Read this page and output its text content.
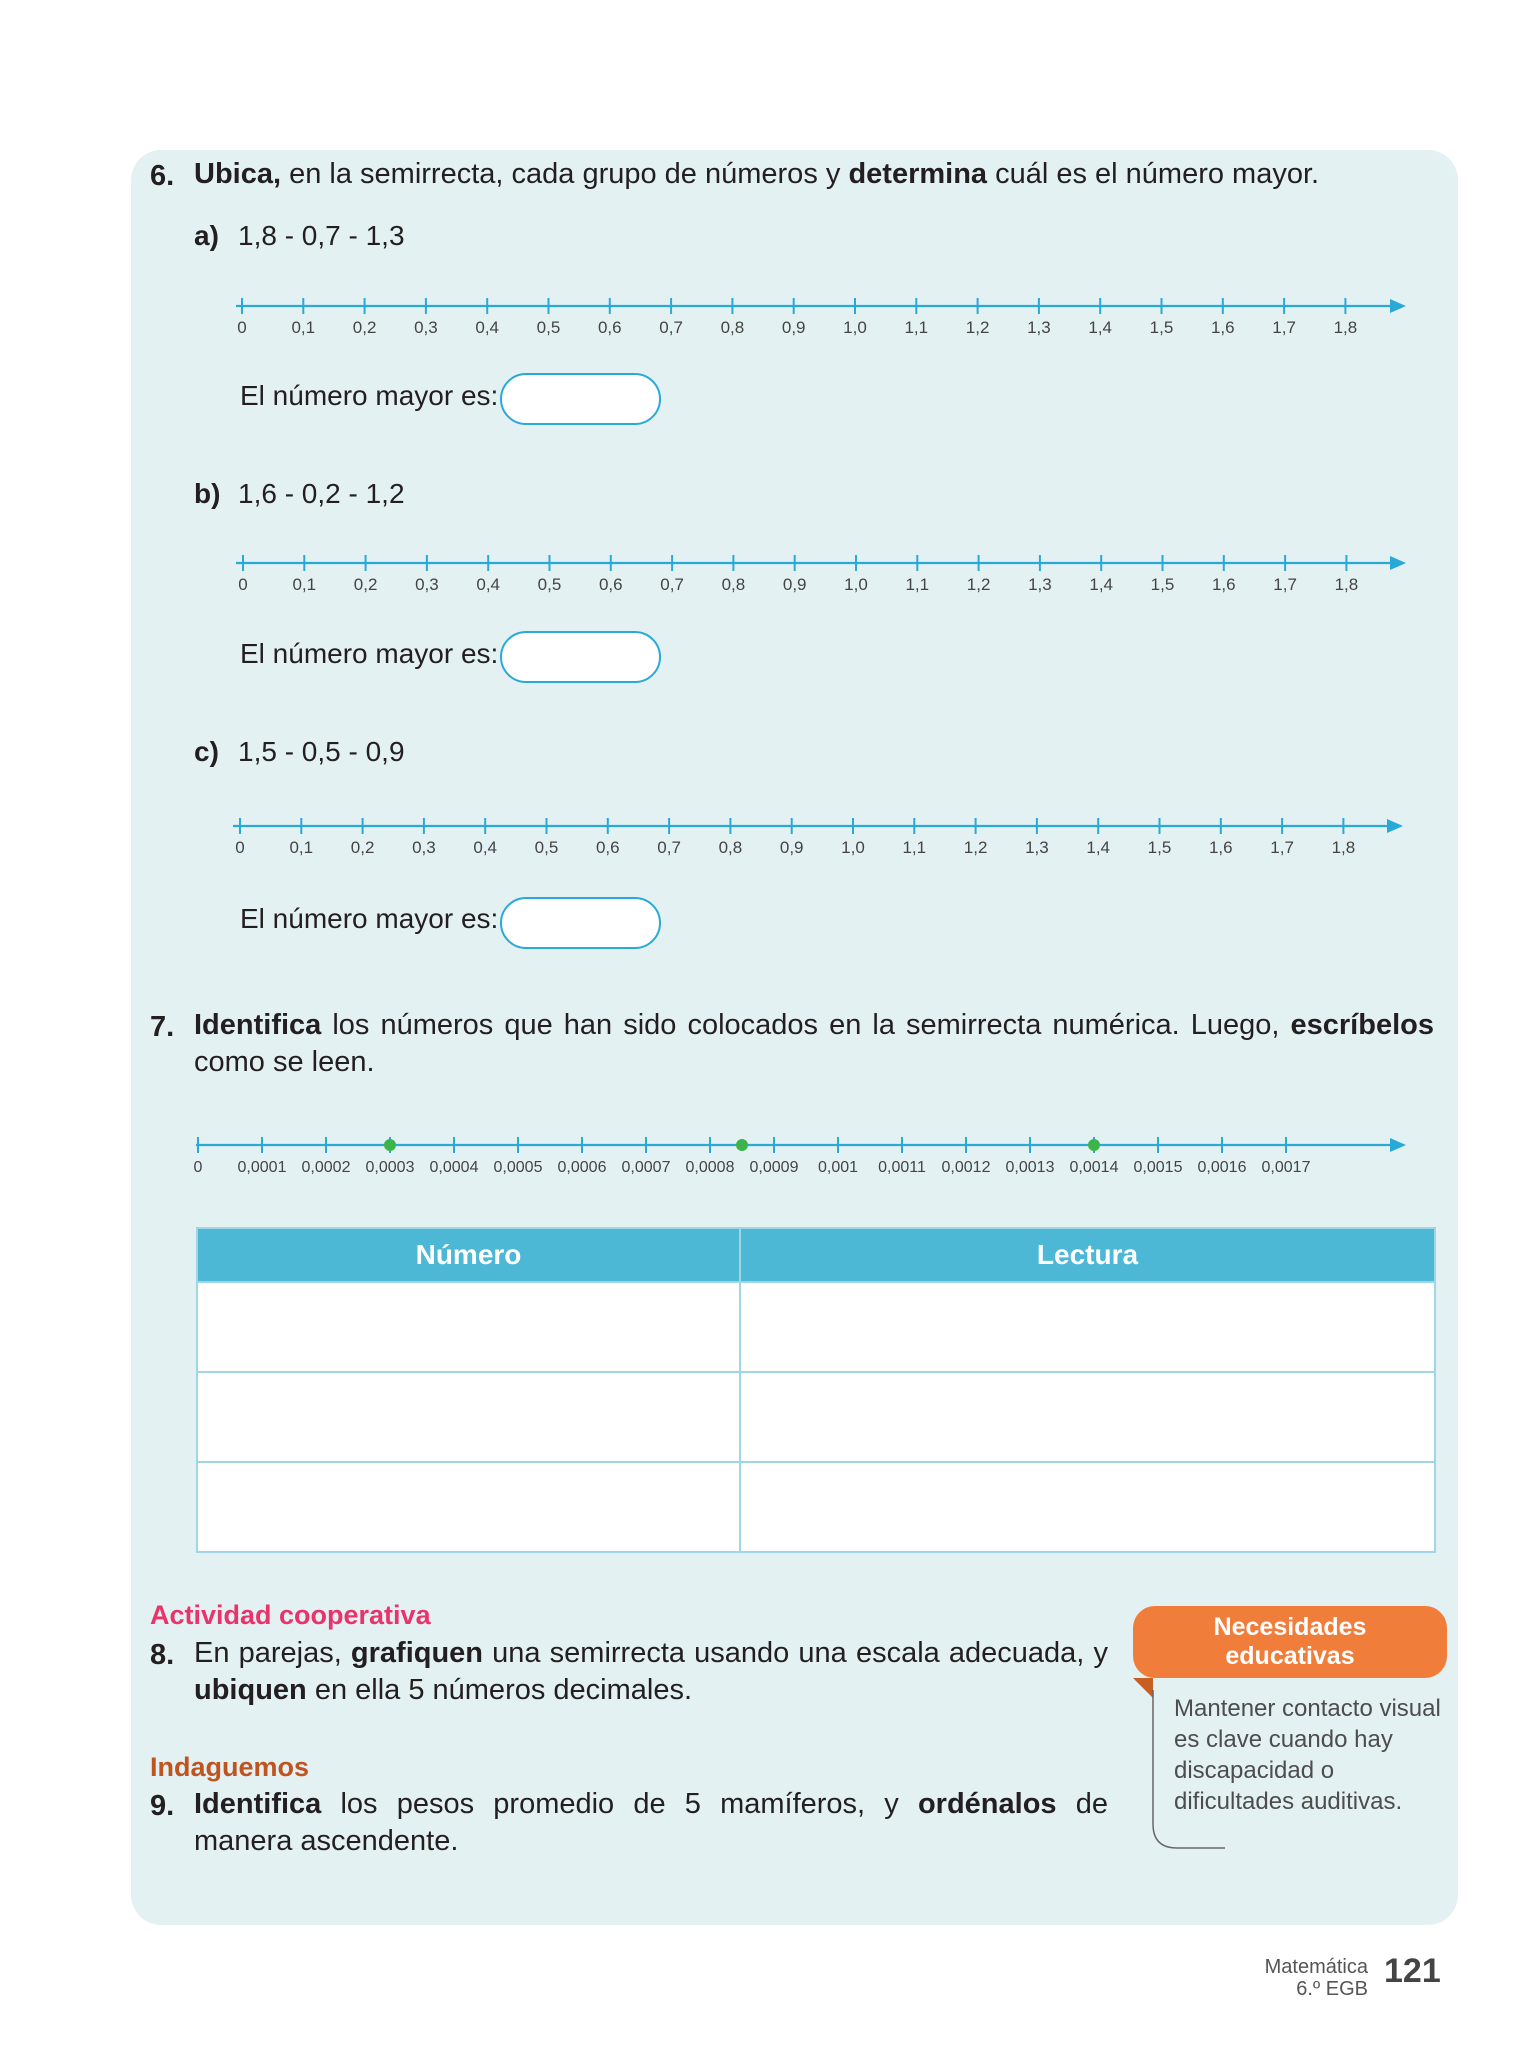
6. Ubica, en la semirrecta, cada grupo de números y determina cuál es el número mayor.
a) 1,8 - 0,7 - 1,3
0	0,1 0,2 0,3 0,4 0,5 0,6 0,7 0,8 0,9 1,0 1,1 1,2 1,3 1,4 1,5 1,6 1,7 1,8
El número mayor es:
b) 1,6 - 0,2 - 1,2
0	0,1 0,2 0,3 0,4 0,5 0,6 0,7 0,8 0,9 1,0 1,1 1,2 1,3 1,4 1,5 1,6 1,7 1,8
El número mayor es:
c) 1,5 - 0,5 - 0,9
0	0,1 0,2 0,3 0,4 0,5 0,6 0,7 0,8 0,9 1,0 1,1 1,2 1,3 1,4 1,5 1,6 1,7 1,8
El número mayor es:
7. Identifica los números que han sido colocados en la semirrecta numérica. Luego, escríbelos como se leen.
0 0,0001 0,0002 0,0003 0,0004 0,0005 0,0006 0,0007 0,0008 0,0009 0,001 0,0011 0,0012 0,0013 0,0014 0,0015 0,0016 0,0017
Número	Lectura

Actividad cooperativa
8. En parejas, grafiquen una semirrecta usando una escala adecuada, y ubiquen en ella 5 números decimales.
Indaguemos
9. Identifica los pesos promedio de 5 mamíferos, y ordénalos de manera ascendente.
Necesidades
educativas
Mantener contacto visual es clave cuando hay discapacidad o dificultades auditivas.
Matemática
6.º EGB 121
